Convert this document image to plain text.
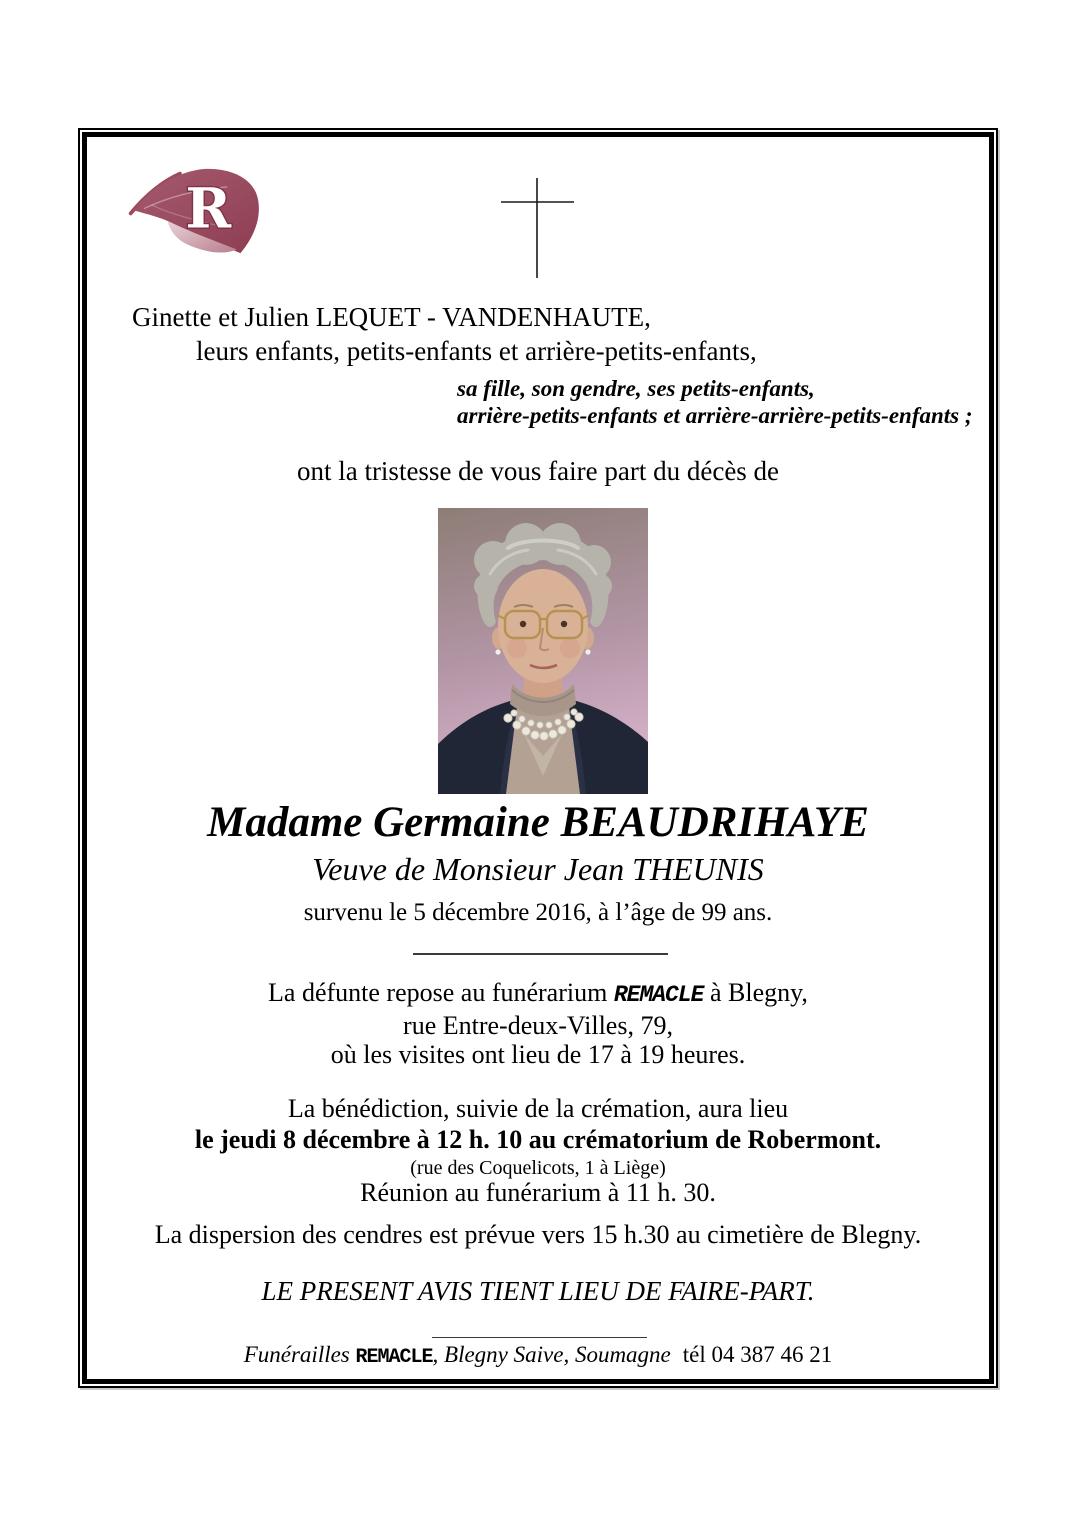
R
Ginette et Julien LEQUET - VANDENHAUTE,
leurs enfants, petits-enfants et arrière-petits-enfants,
sa fille, son gendre, ses petits-enfants,
arrière-petits-enfants et arrière-arrière-petits-enfants ;
ont la tristesse de vous faire part du décès de
Madame Germaine BEAUDRIHAYE
Veuve de Monsieur Jean THEUNIS
survenu le 5 décembre 2016, à l’âge de 99 ans.
La défunte repose au funérarium REMACLE à Blegny,
rue Entre-deux-Villes, 79,
où les visites ont lieu de 17 à 19 heures.
La bénédiction, suivie de la crémation, aura lieu
le jeudi 8 décembre à 12 h. 10 au crématorium de Robermont.
(rue des Coquelicots, 1 à Liège)
Réunion au funérarium à 11 h. 30.
La dispersion des cendres est prévue vers 15 h.30 au cimetière de Blegny.
LE PRESENT AVIS TIENT LIEU DE FAIRE-PART.
Funérailles REMACLE, Blegny Saive, Soumagne tél 04 387 46 21
